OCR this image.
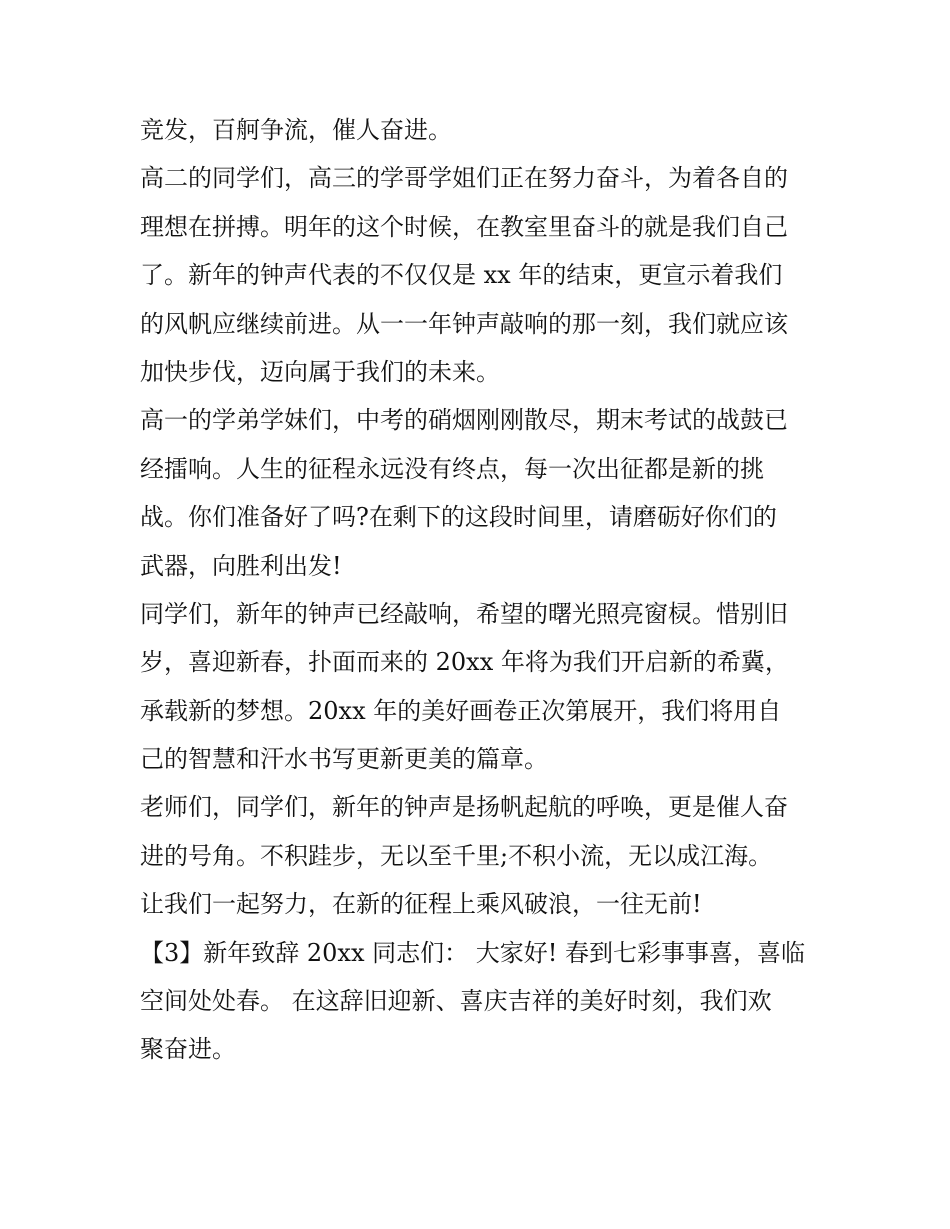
竞发，百舸争流，催人奋进。
高二的同学们，高三的学哥学姐们正在努力奋斗，为着各自的
理想在拼搏。明年的这个时候，在教室里奋斗的就是我们自己
了。新年的钟声代表的不仅仅是 xx 年的结束，更宣示着我们
的风帆应继续前进。从一一年钟声敲响的那一刻，我们就应该
加快步伐，迈向属于我们的未来。
高一的学弟学妹们，中考的硝烟刚刚散尽，期末考试的战鼓已
经擂响。人生的征程永远没有终点，每一次出征都是新的挑
战。你们准备好了吗?在剩下的这段时间里，请磨砺好你们的
武器，向胜利出发!
同学们，新年的钟声已经敲响，希望的曙光照亮窗棂。惜别旧
岁，喜迎新春，扑面而来的 20xx 年将为我们开启新的希冀，
承载新的梦想。20xx 年的美好画卷正次第展开，我们将用自
己的智慧和汗水书写更新更美的篇章。
老师们，同学们，新年的钟声是扬帆起航的呼唤，更是催人奋
进的号角。不积跬步，无以至千里;不积小流，无以成江海。
让我们一起努力，在新的征程上乘风破浪，一往无前!
【3】新年致辞 20xx 同志们： 大家好! 春到七彩事事喜，喜临
空间处处春。 在这辞旧迎新、喜庆吉祥的美好时刻，我们欢
聚奋进。
